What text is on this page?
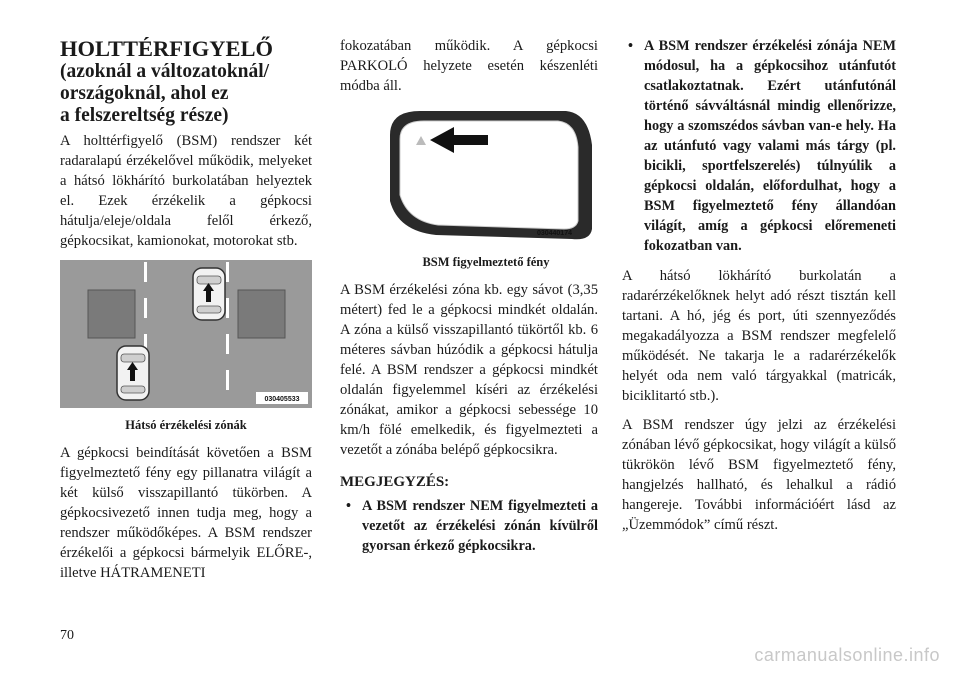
HOLTTÉRFIGYELŐ
(azoknál a változatoknál/
országoknál, ahol ez
a felszereltség része)

A holttérfigyelő (BSM) rendszer két radaralapú érzékelővel működik, melyeket a hátsó lökhárító burkolatában helyeztek el. Ezek érzékelik a gépkocsi hátulja/eleje/oldala felől érkező, gépkocsikat, kamionokat, motorokat stb.

030405533
Hátsó érzékelési zónák

A gépkocsi beindítását követően a BSM figyelmeztető fény egy pillanatra világít a két külső visszapillantó tükörben. A gépkocsivezető innen tudja meg, hogy a rendszer működőképes. A BSM rendszer érzékelői a gépkocsi bármelyik ELŐRE-, illetve HÁTRAMENETI

fokozatában működik. A gépkocsi PARKOLÓ helyzete esetén készenléti módba áll.

030440174
BSM figyelmeztető fény

A BSM érzékelési zóna kb. egy sávot (3,35 métert) fed le a gépkocsi mindkét oldalán. A zóna a külső visszapillantó tükörtől kb. 6 méteres sávban húzódik a gépkocsi hátulja felé. A BSM rendszer a gépkocsi mindkét oldalán figyelemmel kíséri az érzékelési zónákat, amikor a gépkocsi sebessége 10 km/h fölé emelkedik, és figyelmezteti a vezetőt a zónába belépő gépkocsikra.

MEGJEGYZÉS:
• A BSM rendszer NEM figyelmezteti a vezetőt az érzékelési zónán kívülről gyorsan érkező gépkocsikra.
• A BSM rendszer érzékelési zónája NEM módosul, ha a gépkocsihoz utánfutót csatlakoztatnak. Ezért utánfutónál történő sávváltásnál mindig ellenőrizze, hogy a szomszédos sávban van-e hely. Ha az utánfutó vagy valami más tárgy (pl. bicikli, sportfelszerelés) túlnyúlik a gépkocsi oldalán, előfordulhat, hogy a BSM figyelmeztető fény állandóan világít, amíg a gépkocsi előremeneti fokozatban van.

A hátsó lökhárító burkolatán a radarérzékelőknek helyt adó részt tisztán kell tartani. A hó, jég és port, úti szennyeződés megakadályozza a BSM rendszer megfelelő működését. Ne takarja le a radarérzékelők helyét oda nem való tárgyakkal (matricák, biciklitartó stb.).

A BSM rendszer úgy jelzi az érzékelési zónában lévő gépkocsikat, hogy világít a külső tükrökön lévő BSM figyelmeztető fény, hangjelzés hallható, és lehalkul a rádió hangereje. További információért lásd az „Üzemmódok” című részt.

70
carmanualsonline.info
